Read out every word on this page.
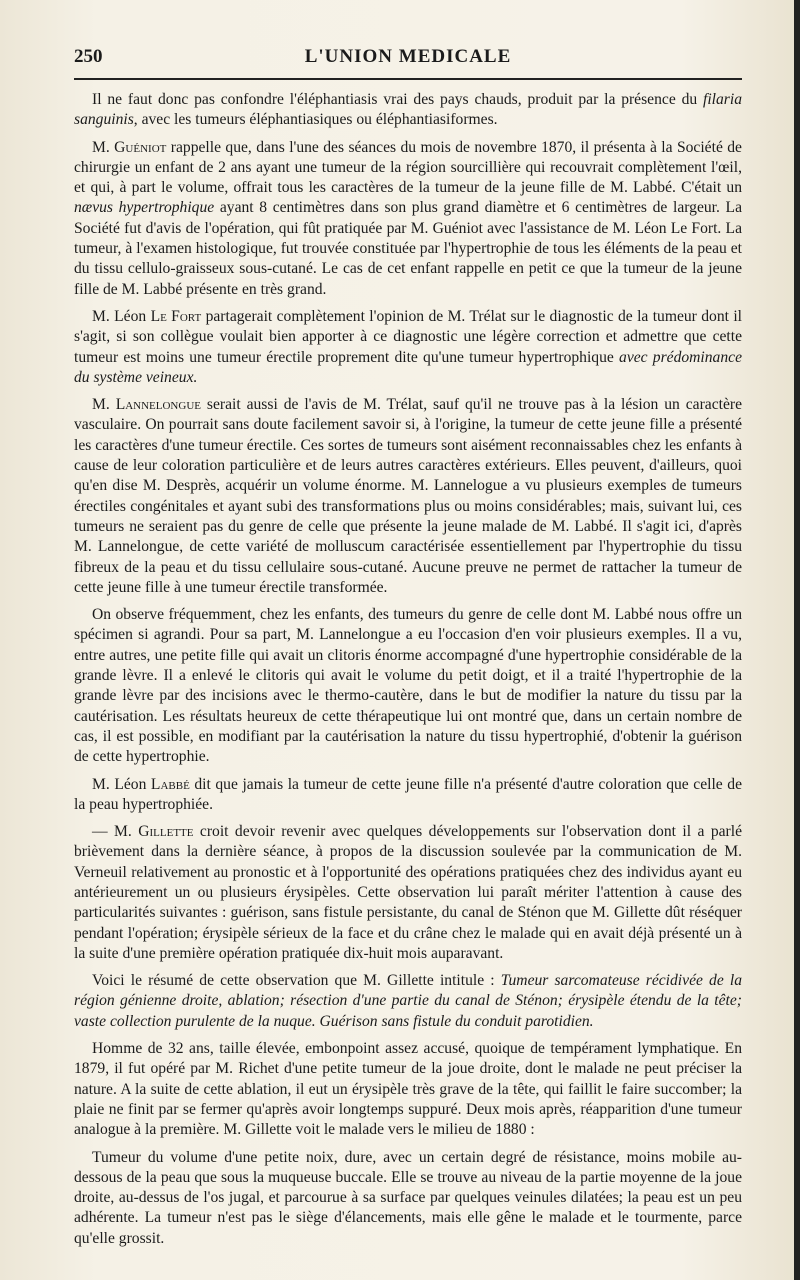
250	L'UNION MEDICALE

Il ne faut donc pas confondre l'éléphantiasis vrai des pays chauds, produit par la présence du filaria sanguinis, avec les tumeurs éléphantiasiques ou éléphantiasiformes.

M. Guéniot rappelle que, dans l'une des séances du mois de novembre 1870, il présenta à la Société de chirurgie un enfant de 2 ans ayant une tumeur de la région sourcillière qui recouvrait complètement l'œil, et qui, à part le volume, offrait tous les caractères de la tumeur de la jeune fille de M. Labbé. C'était un nævus hypertrophique ayant 8 centimètres dans son plus grand diamètre et 6 centimètres de largeur. La Société fut d'avis de l'opération, qui fût pratiquée par M. Guéniot avec l'assistance de M. Léon Le Fort. La tumeur, à l'examen histologique, fut trouvée constituée par l'hypertrophie de tous les éléments de la peau et du tissu cellulo-graisseux sous-cutané. Le cas de cet enfant rappelle en petit ce que la tumeur de la jeune fille de M. Labbé présente en très grand.

M. Léon Le Fort partagerait complètement l'opinion de M. Trélat sur le diagnostic de la tumeur dont il s'agit, si son collègue voulait bien apporter à ce diagnostic une légère correction et admettre que cette tumeur est moins une tumeur érectile proprement dite qu'une tumeur hypertrophique avec prédominance du système veineux.

M. Lannelongue serait aussi de l'avis de M. Trélat, sauf qu'il ne trouve pas à la lésion un caractère vasculaire. On pourrait sans doute facilement savoir si, à l'origine, la tumeur de cette jeune fille a présenté les caractères d'une tumeur érectile. Ces sortes de tumeurs sont aisément reconnaissables chez les enfants à cause de leur coloration particulière et de leurs autres caractères extérieurs. Elles peuvent, d'ailleurs, quoi qu'en dise M. Desprès, acquérir un volume énorme. M. Lannelogue a vu plusieurs exemples de tumeurs érectiles congénitales et ayant subi des transformations plus ou moins considérables; mais, suivant lui, ces tumeurs ne seraient pas du genre de celle que présente la jeune malade de M. Labbé. Il s'agit ici, d'après M. Lannelongue, de cette variété de molluscum caractérisée essentiellement par l'hypertrophie du tissu fibreux de la peau et du tissu cellulaire sous-cutané. Aucune preuve ne permet de rattacher la tumeur de cette jeune fille à une tumeur érectile transformée.

On observe fréquemment, chez les enfants, des tumeurs du genre de celle dont M. Labbé nous offre un spécimen si agrandi. Pour sa part, M. Lannelongue a eu l'occasion d'en voir plusieurs exemples. Il a vu, entre autres, une petite fille qui avait un clitoris énorme accompagné d'une hypertrophie considérable de la grande lèvre. Il a enlevé le clitoris qui avait le volume du petit doigt, et il a traité l'hypertrophie de la grande lèvre par des incisions avec le thermo-cautère, dans le but de modifier la nature du tissu par la cautérisation. Les résultats heureux de cette thérapeutique lui ont montré que, dans un certain nombre de cas, il est possible, en modifiant par la cautérisation la nature du tissu hypertrophié, d'obtenir la guérison de cette hypertrophie.

M. Léon Labbé dit que jamais la tumeur de cette jeune fille n'a présenté d'autre coloration que celle de la peau hypertrophiée.

— M. Gillette croit devoir revenir avec quelques développements sur l'observation dont il a parlé brièvement dans la dernière séance, à propos de la discussion soulevée par la communication de M. Verneuil relativement au pronostic et à l'opportunité des opérations pratiquées chez des individus ayant eu antérieurement un ou plusieurs érysipèles. Cette observation lui paraît mériter l'attention à cause des particularités suivantes : guérison, sans fistule persistante, du canal de Sténon que M. Gillette dût réséquer pendant l'opération; érysipèle sérieux de la face et du crâne chez le malade qui en avait déjà présenté un à la suite d'une première opération pratiquée dix-huit mois auparavant.

Voici le résumé de cette observation que M. Gillette intitule : Tumeur sarcomateuse récidivée de la région génienne droite, ablation; résection d'une partie du canal de Sténon; érysipèle étendu de la tête; vaste collection purulente de la nuque. Guérison sans fistule du conduit parotidien.

Homme de 32 ans, taille élevée, embonpoint assez accusé, quoique de tempérament lymphatique. En 1879, il fut opéré par M. Richet d'une petite tumeur de la joue droite, dont le malade ne peut préciser la nature. A la suite de cette ablation, il eut un érysipèle très grave de la tête, qui faillit le faire succomber; la plaie ne finit par se fermer qu'après avoir longtemps suppuré. Deux mois après, réapparition d'une tumeur analogue à la première. M. Gillette voit le malade vers le milieu de 1880 :

Tumeur du volume d'une petite noix, dure, avec un certain degré de résistance, moins mobile au-dessous de la peau que sous la muqueuse buccale. Elle se trouve au niveau de la partie moyenne de la joue droite, au-dessus de l'os jugal, et parcourue à sa surface par quelques veinules dilatées; la peau est un peu adhérente. La tumeur n'est pas le siège d'élancements, mais elle gêne le malade et le tourmente, parce qu'elle grossit.
